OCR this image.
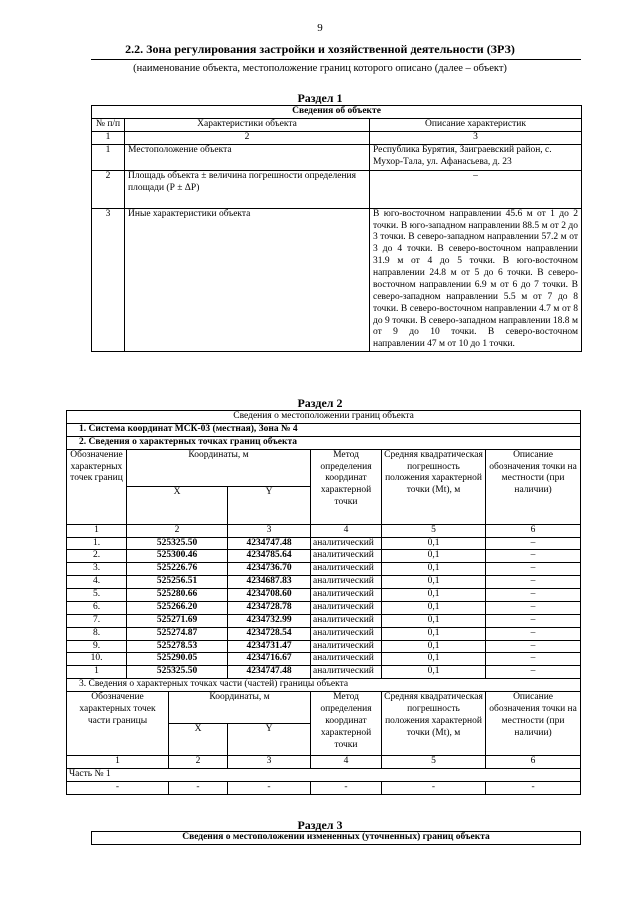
9
2.2. Зона регулирования застройки и хозяйственной деятельности (ЗРЗ)
(наименование объекта, местоположение границ которого описано (далее – объект)
Раздел 1
Сведения об объекте		
№ п/п	Характеристики объекта	Описание характеристик
1	2	3
1	Местоположение объекта	Республика Бурятия, Заиграевский район, с. Мухор-Тала, ул. Афанасьева, д. 23
2	Площадь объекта ± величина погрешности определения площади (Р ± ΔР)	–
3	Иные характеристики объекта	В юго-восточном направлении 45.6 м от 1 до 2 точки. В юго-западном направлении 88.5 м от 2 до 3 точки. В северо-западном направлении 57.2 м от 3 до 4 точки. В северо-восточном направлении 31.9 м от 4 до 5 точки. В юго-восточном направлении 24.8 м от 5 до 6 точки. В северо-восточном направлении 6.9 м от 6 до 7 точки. В северо-западном направлении 5.5 м от 7 до 8 точки. В северо-восточном направлении 4.7 м от 8 до 9 точки. В северо-западном направлении 18.8 м от 9 до 10 точки. В северо-восточном направлении 47 м от 10 до 1 точки.
Раздел 2
Сведения о местоположении границ объекта						
1. Система координат МСК-03 (местная), Зона № 4						
2. Сведения о характерных точках границ объекта						
Обозначение характерных точек границ	Координаты, м			Метод определения координат характерной точки	Средняя квадратическая погрешность положения характерной точки (Mt), м	Описание обозначения точки на местности (при наличии)
	X		Y			
1	2		3	4	5	6
1.	525325.50		4234747.48	аналитический	0,1	–
2.	525300.46		4234785.64	аналитический	0,1	–
3.	525226.76		4234736.70	аналитический	0,1	–
4.	525256.51		4234687.83	аналитический	0,1	–
5.	525280.66		4234708.60	аналитический	0,1	–
6.	525266.20		4234728.78	аналитический	0,1	–
7.	525271.69		4234732.99	аналитический	0,1	–
8.	525274.87		4234728.54	аналитический	0,1	–
9.	525278.53		4234731.47	аналитический	0,1	–
10.	525290.05		4234716.67	аналитический	0,1	–
1	525325.50		4234747.48	аналитический	0,1	–
3. Сведения о характерных точках части (частей) границы объекта						
Обозначение характерных точек части границы		Координаты, м		Метод определения координат характерной точки	Средняя квадратическая погрешность положения характерной точки (Mt), м	Описание обозначения точки на местности (при наличии)
		X	Y			
1		2	3	4	5	6
Часть № 1						
-		-	-	-	-	-
Раздел 3
Сведения о местоположении измененных (уточненных) границ объекта
